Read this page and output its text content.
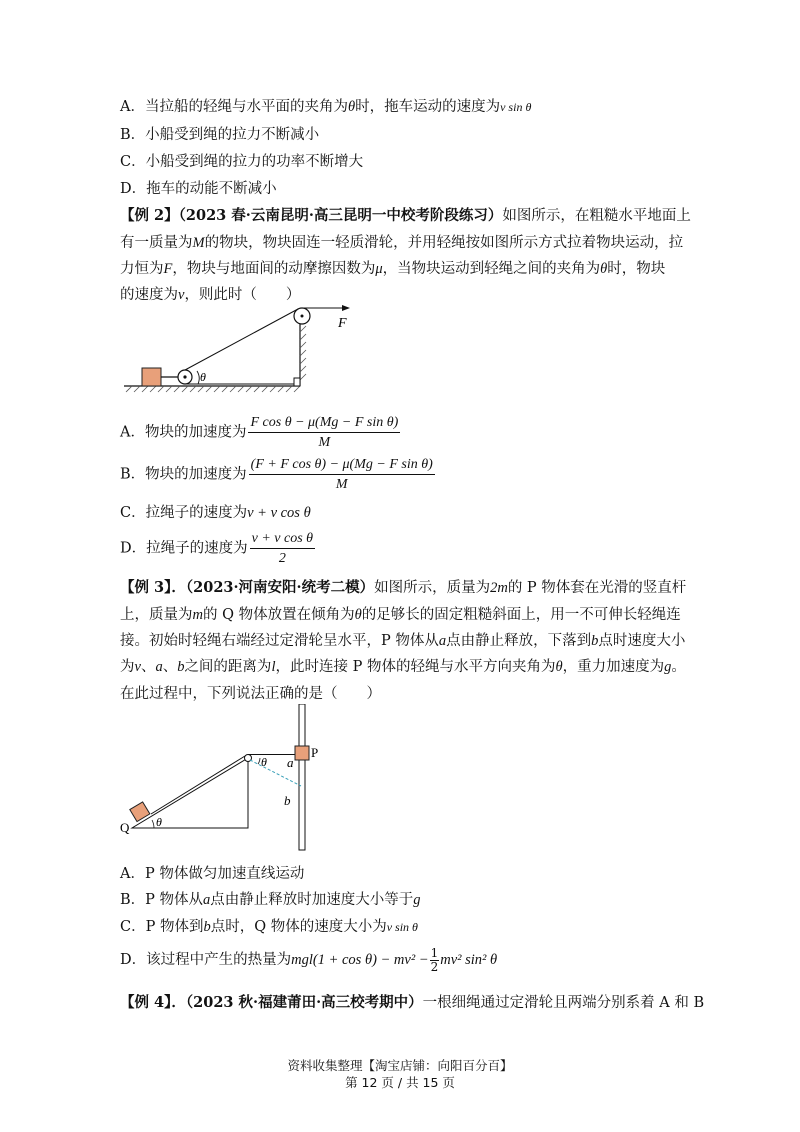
A．当拉船的轻绳与水平面的夹角为θ时，拖车运动的速度为v sin θ
B．小船受到绳的拉力不断减小
C．小船受到绳的拉力的功率不断增大
D．拖车的动能不断减小
【例 2】（2023 春·云南昆明·高三昆明一中校考阶段练习）如图所示，在粗糙水平地面上
有一质量为M的物块，物块固连一轻质滑轮，并用轻绳按如图所示方式拉着物块运动，拉
力恒为F，物块与地面间的动摩擦因数为μ，当物块运动到轻绳之间的夹角为θ时，物块
的速度为v，则此时（　　）
θ
F
A．物块的加速度为 $\frac{\text{F cos θ − μ(Mg − F sin θ)}}{M}$
B．物块的加速度为 $\frac{\text{(F + F cos θ) − μ(Mg − F sin θ)}}{M}$
C．拉绳子的速度为v + v cos θ
D．拉绳子的速度为 $\frac{\text{v + v cos θ}}{2}$
【例 3】．（2023·河南安阳·统考二模）如图所示，质量为2m的 P 物体套在光滑的竖直杆
上，质量为m的 Q 物体放置在倾角为θ的足够长的固定粗糙斜面上，用一不可伸长轻绳连
接。初始时轻绳右端经过定滑轮呈水平，P 物体从a点由静止释放，下落到b点时速度大小
为v、a、b之间的距离为l，此时连接 P 物体的轻绳与水平方向夹角为θ，重力加速度为g。
在此过程中，下列说法正确的是（　　）
P
a
b
θ
Q θ
A．P 物体做匀加速直线运动
B．P 物体从a点由静止释放时加速度大小等于g
C．P 物体到b点时，Q 物体的速度大小为v sin θ
D．该过程中产生的热量为$mgl(1 + \cos \theta) - mv^2 - \frac{1}{2} mv^2$ sin² θ
【例 4】．（2023 秋·福建莆田·高三校考期中）一根细绳通过定滑轮且两端分别系着 A 和 B
资料收集整理【淘宝店铺：向阳百分百】
第 12 页 / 共 15 页
